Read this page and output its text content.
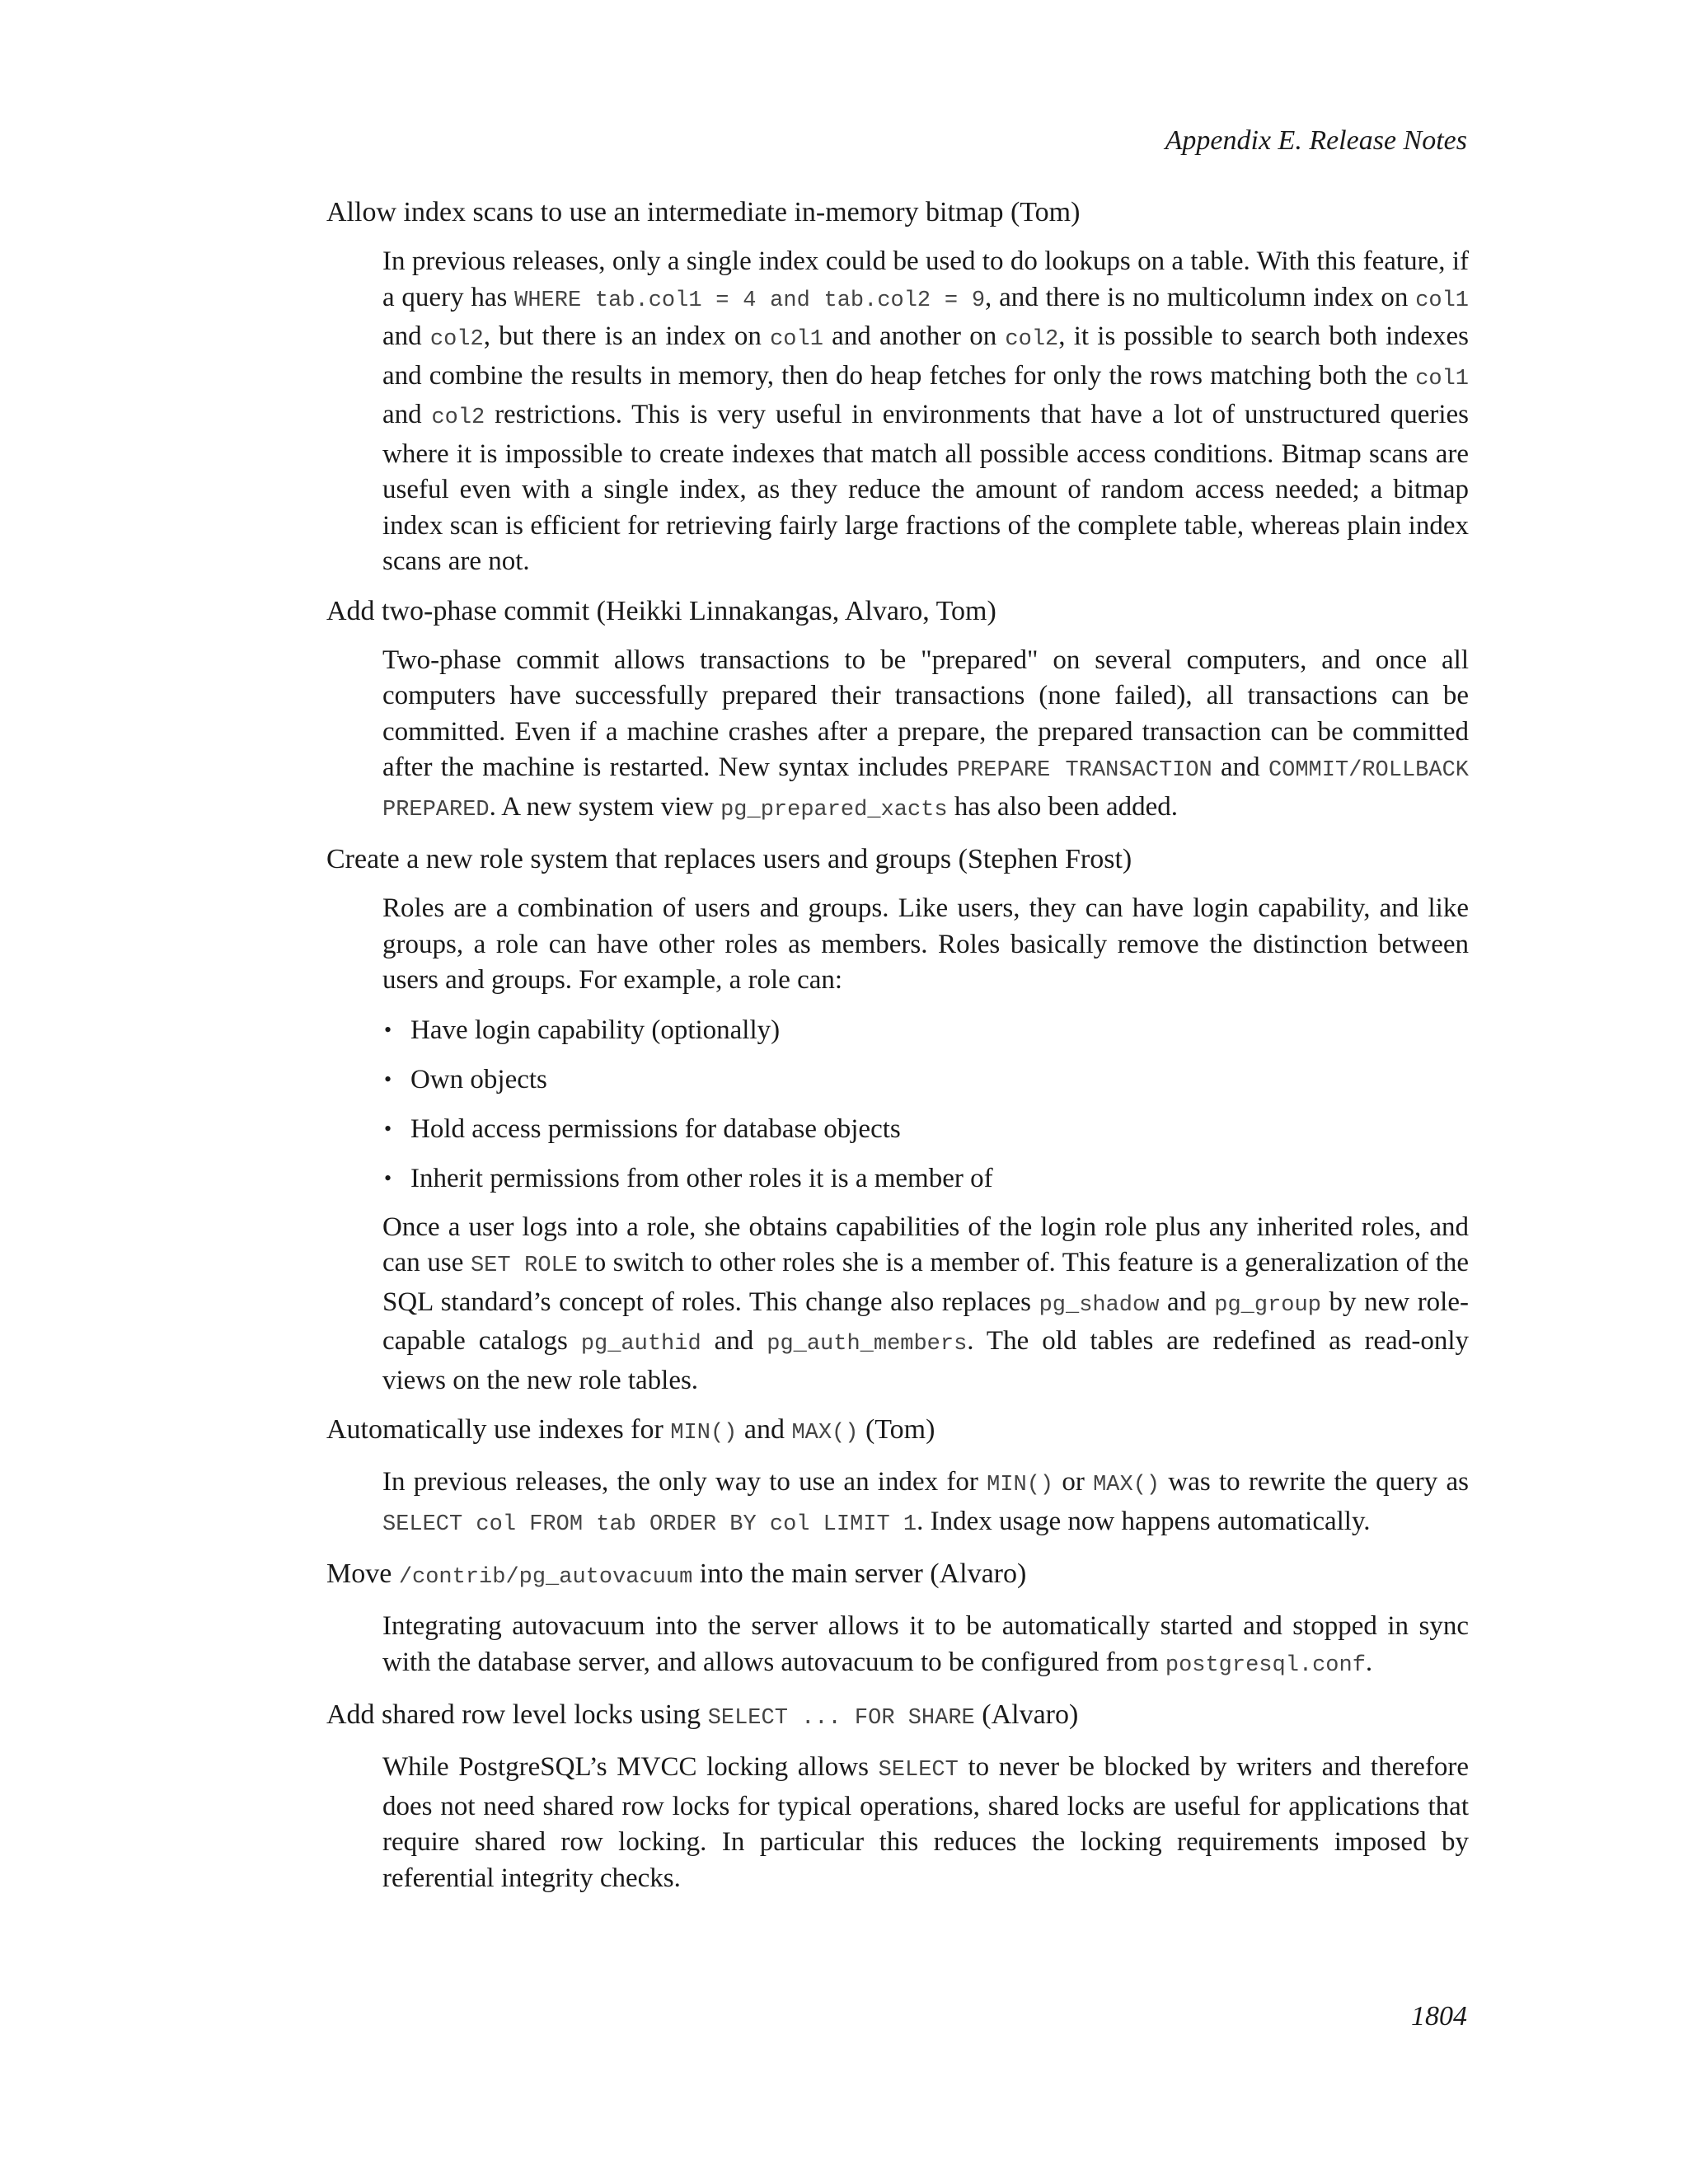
Appendix E. Release Notes
Allow index scans to use an intermediate in-memory bitmap (Tom)

In previous releases, only a single index could be used to do lookups on a table. With this feature, if a query has WHERE tab.col1 = 4 and tab.col2 = 9, and there is no multicolumn index on col1 and col2, but there is an index on col1 and another on col2, it is possible to search both indexes and combine the results in memory, then do heap fetches for only the rows matching both the col1 and col2 restrictions. This is very useful in environments that have a lot of unstructured queries where it is impossible to create indexes that match all possible access conditions. Bitmap scans are useful even with a single index, as they reduce the amount of random access needed; a bitmap index scan is efficient for retrieving fairly large fractions of the complete table, whereas plain index scans are not.

Add two-phase commit (Heikki Linnakangas, Alvaro, Tom)

Two-phase commit allows transactions to be "prepared" on several computers, and once all computers have successfully prepared their transactions (none failed), all transactions can be committed. Even if a machine crashes after a prepare, the prepared transaction can be committed after the machine is restarted. New syntax includes PREPARE TRANSACTION and COMMIT/ROLLBACK PREPARED. A new system view pg_prepared_xacts has also been added.

Create a new role system that replaces users and groups (Stephen Frost)

Roles are a combination of users and groups. Like users, they can have login capability, and like groups, a role can have other roles as members. Roles basically remove the distinction between users and groups. For example, a role can:

• Have login capability (optionally)
• Own objects
• Hold access permissions for database objects
• Inherit permissions from other roles it is a member of

Once a user logs into a role, she obtains capabilities of the login role plus any inherited roles, and can use SET ROLE to switch to other roles she is a member of. This feature is a generalization of the SQL standard’s concept of roles. This change also replaces pg_shadow and pg_group by new role-capable catalogs pg_authid and pg_auth_members. The old tables are redefined as read-only views on the new role tables.

Automatically use indexes for MIN() and MAX() (Tom)

In previous releases, the only way to use an index for MIN() or MAX() was to rewrite the query as SELECT col FROM tab ORDER BY col LIMIT 1. Index usage now happens automatically.

Move /contrib/pg_autovacuum into the main server (Alvaro)

Integrating autovacuum into the server allows it to be automatically started and stopped in sync with the database server, and allows autovacuum to be configured from postgresql.conf.

Add shared row level locks using SELECT ... FOR SHARE (Alvaro)

While PostgreSQL’s MVCC locking allows SELECT to never be blocked by writers and therefore does not need shared row locks for typical operations, shared locks are useful for applications that require shared row locking. In particular this reduces the locking requirements imposed by referential integrity checks.

1804
